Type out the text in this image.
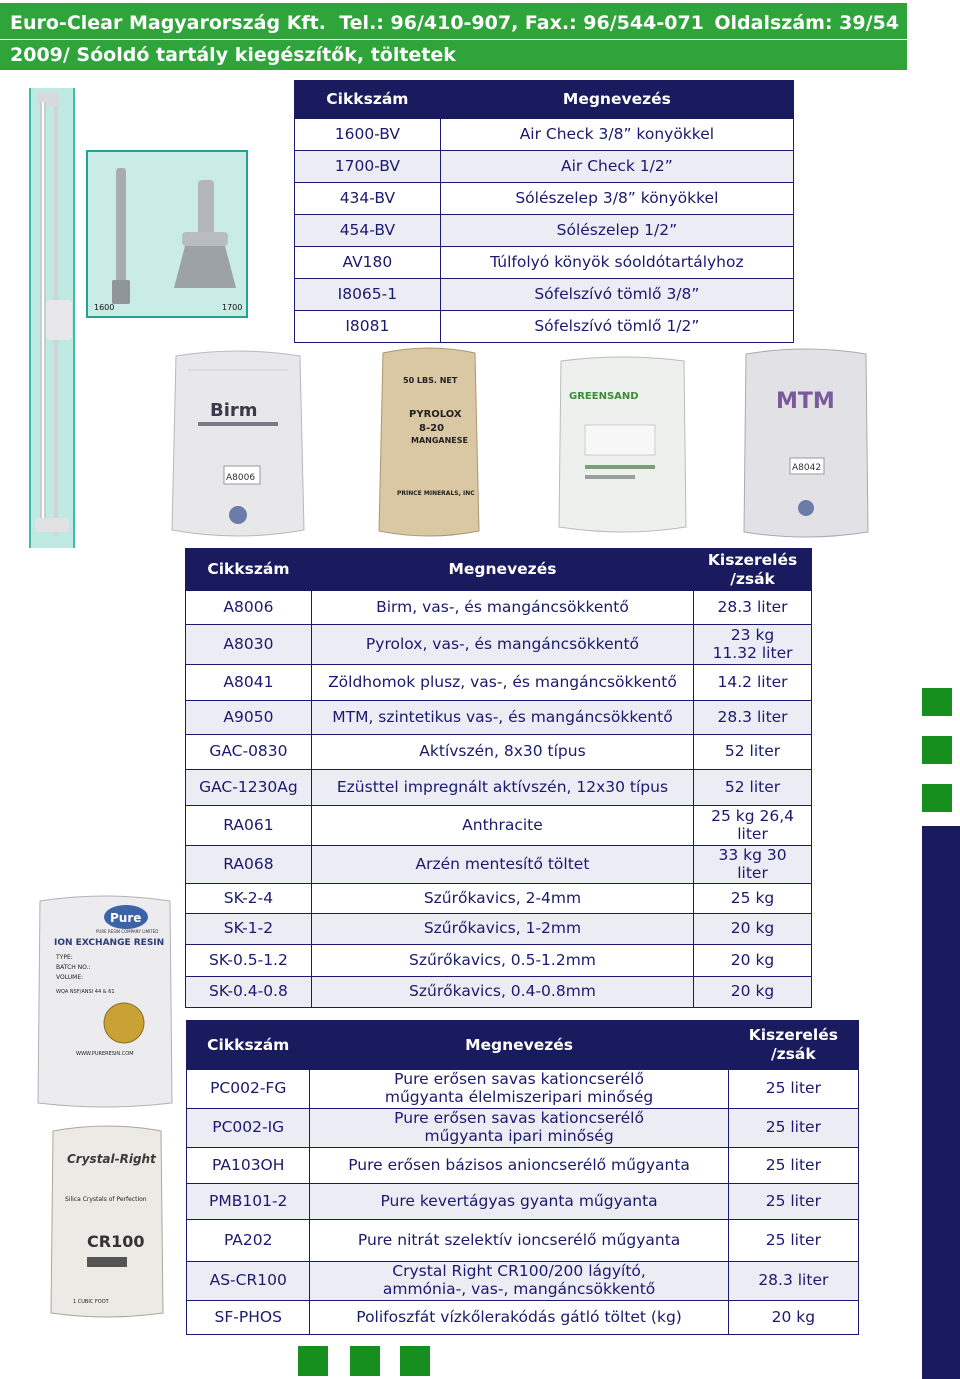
Euro-Clear Magyarország Kft. Tel.: 96/410-907, Fax.: 96/544-071 Oldalszám: 39/54
2009/ Sóoldó tartály kiegészítők, töltetek
1600	1700
Cikkszám	Megnevezés
1600-BV	Air Check 3/8” konyökkel
1700-BV	Air Check 1/2”
434-BV	Sólészelep 3/8” könyökkel
454-BV	Sólészelep 1/2”
AV180	Túlfolyó könyök sóoldótartályhoz
I8065-1	Sófelszívó tömlő 3/8”
I8081	Sófelszívó tömlő 1/2”
Birm
A8006
50 LBS. NET
PYROLOX
8-20
MANGANESE
PRINCE MINERALS, INC
GREENSAND	MTM
A8042
Cikkszám	Megnevezés	Kiszerelés /zsák
A8006	Birm, vas-, és mangáncsökkentő	28.3 liter
A8030	Pyrolox, vas-, és mangáncsökkentő	23 kg 11.32 liter
A8041	Zöldhomok plusz, vas-, és mangáncsökkentő	14.2 liter
A9050	MTM, szintetikus vas-, és mangáncsökkentő	28.3 liter
GAC-0830	Aktívszén, 8x30 típus	52 liter
GAC-1230Ag	Ezüsttel impregnált aktívszén, 12x30 típus	52 liter
RA061	Anthracite	25 kg 26,4 liter
RA068	Arzén mentesítő töltet	33 kg 30 liter
SK-2-4	Szűrőkavics, 2-4mm	25 kg
SK-1-2	Szűrőkavics, 1-2mm	20 kg
SK-0.5-1.2	Szűrőkavics, 0.5-1.2mm	20 kg
SK-0.4-0.8	Szűrőkavics, 0.4-0.8mm	20 kg
Pure
PURE RESIN COMPANY LIMITED
ION EXCHANGE RESIN
TYPE:
BATCH NO.:
VOLUME:
WQA NSF/ANSI 44 & 61
WWW.PURERESIN.COM
Crystal-Right
Silica Crystals of Perfection
CR100
1 CUBIC FOOT
Cikkszám	Megnevezés	Kiszerelés /zsák
PC002-FG	Pure erősen savas kationcserélő műgyanta élelmiszeripari minőség	25 liter
PC002-IG	Pure erősen savas kationcserélő műgyanta ipari minőség	25 liter
PA103OH	Pure erősen bázisos anioncserélő műgyanta	25 liter
PMB101-2	Pure kevertágyas gyanta műgyanta	25 liter
PA202	Pure nitrát szelektív ioncserélő műgyanta	25 liter
AS-CR100	Crystal Right CR100/200 lágyító, ammónia-, vas-, mangáncsökkentő	28.3 liter
SF-PHOS	Polifoszfát vízkőlerakódás gátló töltet (kg)	20 kg
